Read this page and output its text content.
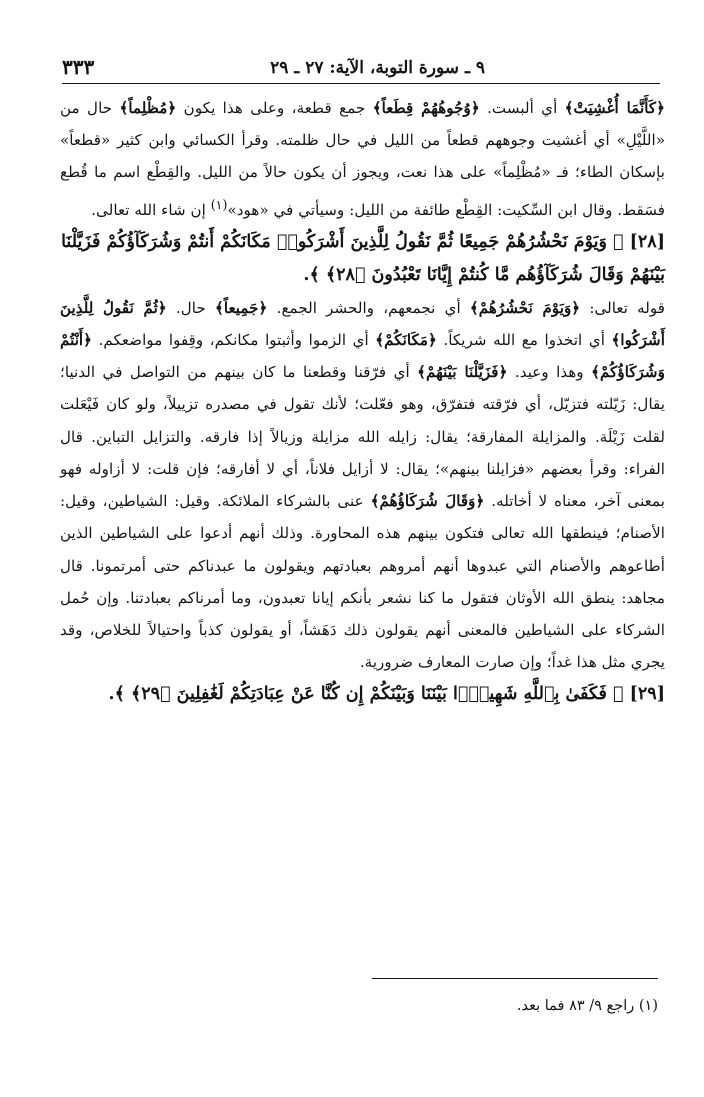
٩ ـ سورة التوبة، الآية: ٢٧ ـ ٢٩
٣٣٣

﴿كَأَنَّمَا أُغْشِيَتْ﴾ أي ألبست. ﴿وُجُوهُهُمْ قِطَعاً﴾ جمع قطعة، وعلى هذا يكون ﴿مُظْلِماً﴾ حال من «اللَّيْلِ» أي أغشيت وجوههم قطعاً من الليل في حال ظلمته. وقرأ الكسائي وابن كثير «قطعاً» بإسكان الطاء؛ فـ «مُظْلِماً» على هذا نعت، ويجوز أن يكون حالاً من الليل. والقِطْع اسم ما قُطع فسَقط. وقال ابن السِّكيت: القِطْع طائفة من الليل: وسيأتي في «هود»$^{(١)}$ إن شاء الله تعالى.

[٢٨] ﴿ وَيَوْمَ نَحْشُرُهُمْ جَمِيعًا ثُمَّ نَقُولُ لِلَّذِينَ أَشْرَكُوا۟ مَكَانَكُمْ أَنتُمْ وَشُرَكَآؤُكُمْ فَزَيَّلْنَا بَيْنَهُمْ وَقَالَ شُرَكَآؤُهُم مَّا كُنتُمْ إِيَّانَا تَعْبُدُونَ ﴿٢٨﴾ ﴾.

قوله تعالى: ﴿وَيَوْمَ نَحْشُرُهُمْ﴾ أي نجمعهم، والحشر الجمع. ﴿جَمِيعاً﴾ حال. ﴿ثُمَّ نَقُولُ لِلَّذِينَ أَشْرَكُوا﴾ أي اتخذوا مع الله شريكاً. ﴿مَكَانَكُمْ﴾ أي الزموا وأثبتوا مكانكم، وقِفوا مواضعكم. ﴿أَنْتُمْ وَشُرَكَاؤُكُمْ﴾ وهذا وعيد. ﴿فَزَيَّلْنَا بَيْنَهُمْ﴾ أي فرّقنا وقطعنا ما كان بينهم من التواصل في الدنيا؛ يقال: زَيّلته فتزيّل، أي فرّقته فتفرّق، وهو فعّلت؛ لأنك تقول في مصدره تزييلاً، ولو كان فَيْعَلت لقلت زَيْلَة. والمزايلة المفارقة؛ يقال: زايله الله مزايلة وزيالاً إذا فارقه. والتزايل التباين. قال الفراء: وقرأ بعضهم «فزايلنا بينهم»؛ يقال: لا أزايل فلاناً، أي لا أفارقه؛ فإن قلت: لا أزاوله فهو بمعنى آخر، معناه لا أخاتله. ﴿وَقَالَ شُرَكَاؤُهُمْ﴾ عنى بالشركاء الملائكة. وقيل: الشياطين، وقيل: الأصنام؛ فينطقها الله تعالى فتكون بينهم هذه المحاورة. وذلك أنهم أدعوا على الشياطين الذين أطاعوهم والأصنام التي عبدوها أنهم أمروهم بعبادتهم ويقولون ما عبدناكم حتى أمرتمونا. قال مجاهد: ينطق الله الأوثان فتقول ما كنا نشعر بأنكم إيانا تعبدون، وما أمرناكم بعبادتنا. وإن حُمل الشركاء على الشياطين فالمعنى أنهم يقولون ذلك دَهَشاً، أو يقولون كذباً واحتيالاً للخلاص، وقد يجري مثل هذا غداً؛ وإن صارت المعارف ضرورية.

[٢٩] ﴿ فَكَفَىٰ بِٱللَّهِ شَهِيدًۢا بَيْنَنَا وَبَيْنَكُمْ إِن كُنَّا عَنْ عِبَادَتِكُمْ لَغَٰفِلِينَ ﴿٢٩﴾ ﴾.

(١) راجع ٩/ ٨٣ فما بعد.
